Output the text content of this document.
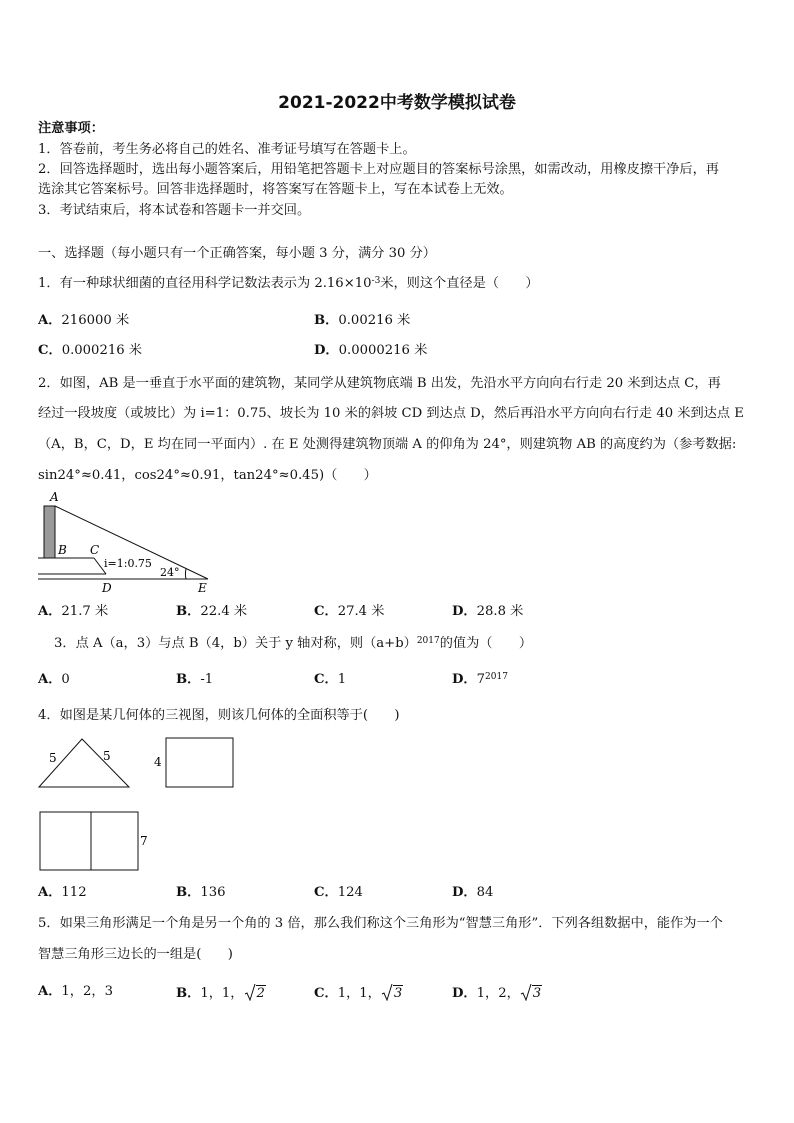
2021-2022中考数学模拟试卷
注意事项：
1．答卷前，考生务必将自己的姓名、准考证号填写在答题卡上。
2．回答选择题时，选出每小题答案后，用铅笔把答题卡上对应题目的答案标号涂黑，如需改动，用橡皮擦干净后，再
选涂其它答案标号。回答非选择题时，将答案写在答题卡上，写在本试卷上无效。
3．考试结束后，将本试卷和答题卡一并交回。
一、选择题（每小题只有一个正确答案，每小题 3 分，满分 30 分）
1．有一种球状细菌的直径用科学记数法表示为 $2.16\times 10^{-3}$米，则这个直径是（　　）
A．216000 米	B．0.00216 米
C．0.000216 米	D．0.0000216 米
2．如图，AB 是一垂直于水平面的建筑物，某同学从建筑物底端 B 出发，先沿水平方向向右行走 20 米到达点 C，再
经过一段坡度（或坡比）为 i=1：0.75、坡长为 10 米的斜坡 CD 到达点 D，然后再沿水平方向向右行走 40 米到达点 E
（A，B，C，D，E 均在同一平面内）. 在 E 处测得建筑物顶端 A 的仰角为 24°，则建筑物 AB 的高度约为（参考数据:
sin24°≈0.41，cos24°≈0.91，tan24°≈0.45)（　　）
A
B C
D	E
i=1:0.75
24°
A．21.7 米	B．22.4 米	C．27.4 米	D．28.8 米
3．点 A（a，3）与点 B（4，b）关于 y 轴对称，则$(a+b)^{2017}$的值为（　　）
A．0	B．-1	C．1	D．$7^{2017}$
4．如图是某几何体的三视图，则该几何体的全面积等于(　　)
5	5	4
7
A．112	B．136	C．124	D．84
5．如果三角形满足一个角是另一个角的 3 倍，那么我们称这个三角形为“智慧三角形”．下列各组数据中，能作为一个
智慧三角形三边长的一组是(　　)
A．1，2，3	B．1，1， 2	C．1，1， 3	D．1，2， 3
